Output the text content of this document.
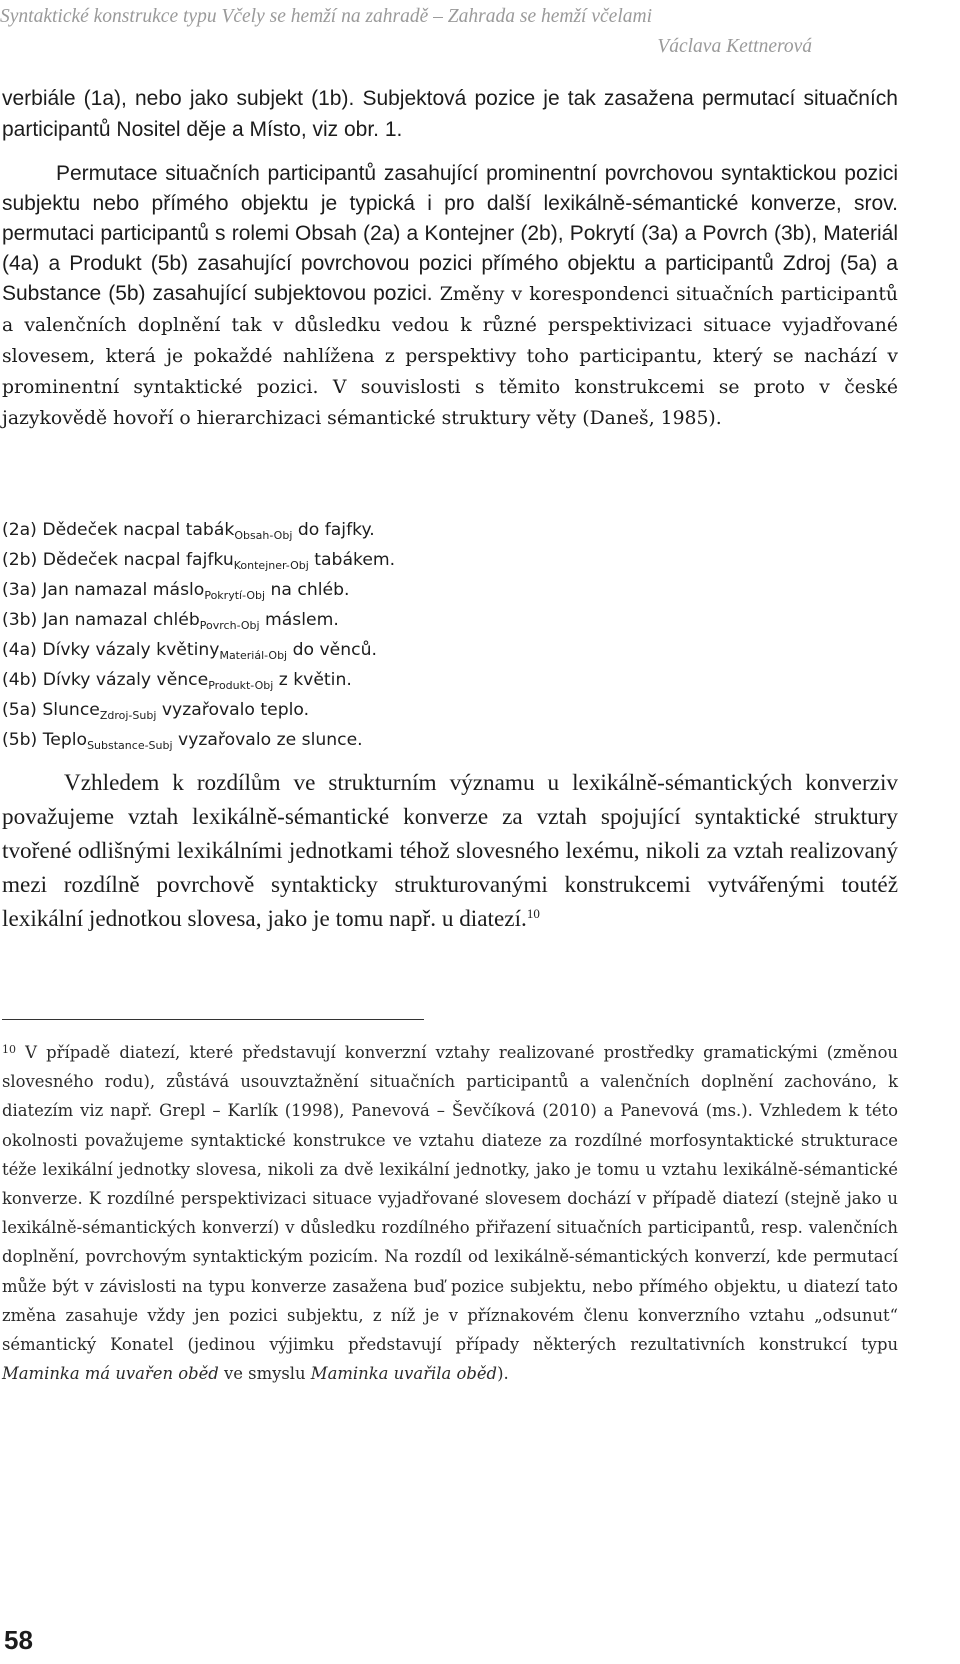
Syntaktické konstrukce typu Včely se hemží na zahradě – Zahrada se hemží včelami
Václava Kettnerová

verbiále (1a), nebo jako subjekt (1b). Subjektová pozice je tak zasažena permutací situačních participantů Nositel děje a Místo, viz obr. 1.

Permutace situačních participantů zasahující prominentní povrchovou syntaktickou pozici subjektu nebo přímého objektu je typická i pro další lexikálně-sémantické konverze, srov. permutaci participantů s rolemi Obsah (2a) a Kontejner (2b), Pokrytí (3a) a Povrch (3b), Materiál (4a) a Produkt (5b) zasahující povrchovou pozici přímého objektu a participantů Zdroj (5a) a Substance (5b) zasahující subjektovou pozici. Změny v korespondenci situačních participantů a valenčních doplnění tak v důsledku vedou k různé perspektivizaci situace vyjadřované slovesem, která je pokaždé nahlížena z perspektivy toho participantu, který se nachází v prominentní syntaktické pozici. V souvislosti s těmito konstrukcemi se proto v české jazykovědě hovoří o hierarchizaci sémantické struktury věty (Daneš, 1985).

(2a) Dědeček nacpal tabák$_{Obsah-Obj}$ do fajfky.
(2b) Dědeček nacpal fajfku$_{Kontejner-Obj}$ tabákem.
(3a) Jan namazal máslo$_{Pokrytí-Obj}$ na chléb.
(3b) Jan namazal chléb$_{Povrch-Obj}$ máslem.
(4a) Dívky vázaly květiny$_{Materiál-Obj}$ do věnců.
(4b) Dívky vázaly věnce$_{Produkt-Obj}$ z květin.
(5a) Slunce$_{Zdroj-Subj}$ vyzařovalo teplo.
(5b) Teplo$_{Substance-Subj}$ vyzařovalo ze slunce.

Vzhledem k rozdílům ve strukturním významu u lexikálně-sémantických konverziv považujeme vztah lexikálně-sémantické konverze za vztah spojující syntaktické struktury tvořené odlišnými lexikálními jednotkami téhož slovesného lexému, nikoli za vztah realizovaný mezi rozdílně povrchově syntakticky strukturovanými konstrukcemi vytvářenými toutéž lexikální jednotkou slovesa, jako je tomu např. u diatezí.$^{10}$

$^{10}$ V případě diatezí, které představují konverzní vztahy realizované prostředky gramatickými (změnou slovesného rodu), zůstává usouvztažnění situačních participantů a valenčních doplnění zachováno, k diatezím viz např. Grepl – Karlík (1998), Panevová – Ševčíková (2010) a Panevová (ms.). Vzhledem k této okolnosti považujeme syntaktické konstrukce ve vztahu diateze za rozdílné morfosyntaktické strukturace téže lexikální jednotky slovesa, nikoli za dvě lexikální jednotky, jako je tomu u vztahu lexikálně-sémantické konverze. K rozdílné perspektivizaci situace vyjadřované slovesem dochází v případě diatezí (stejně jako u lexikálně-sémantických konverzí) v důsledku rozdílného přiřazení situačních participantů, resp. valenčních doplnění, povrchovým syntaktickým pozicím. Na rozdíl od lexikálně-sémantických konverzí, kde permutací může být v závislosti na typu konverze zasažena buď pozice subjektu, nebo přímého objektu, u diatezí tato změna zasahuje vždy jen pozici subjektu, z níž je v příznakovém členu konverzního vztahu „odsunut“ sémantický Konatel (jedinou výjimku představují případy některých rezultativních konstrukcí typu Maminka má uvařen oběd ve smyslu Maminka uvařila oběd).

58
